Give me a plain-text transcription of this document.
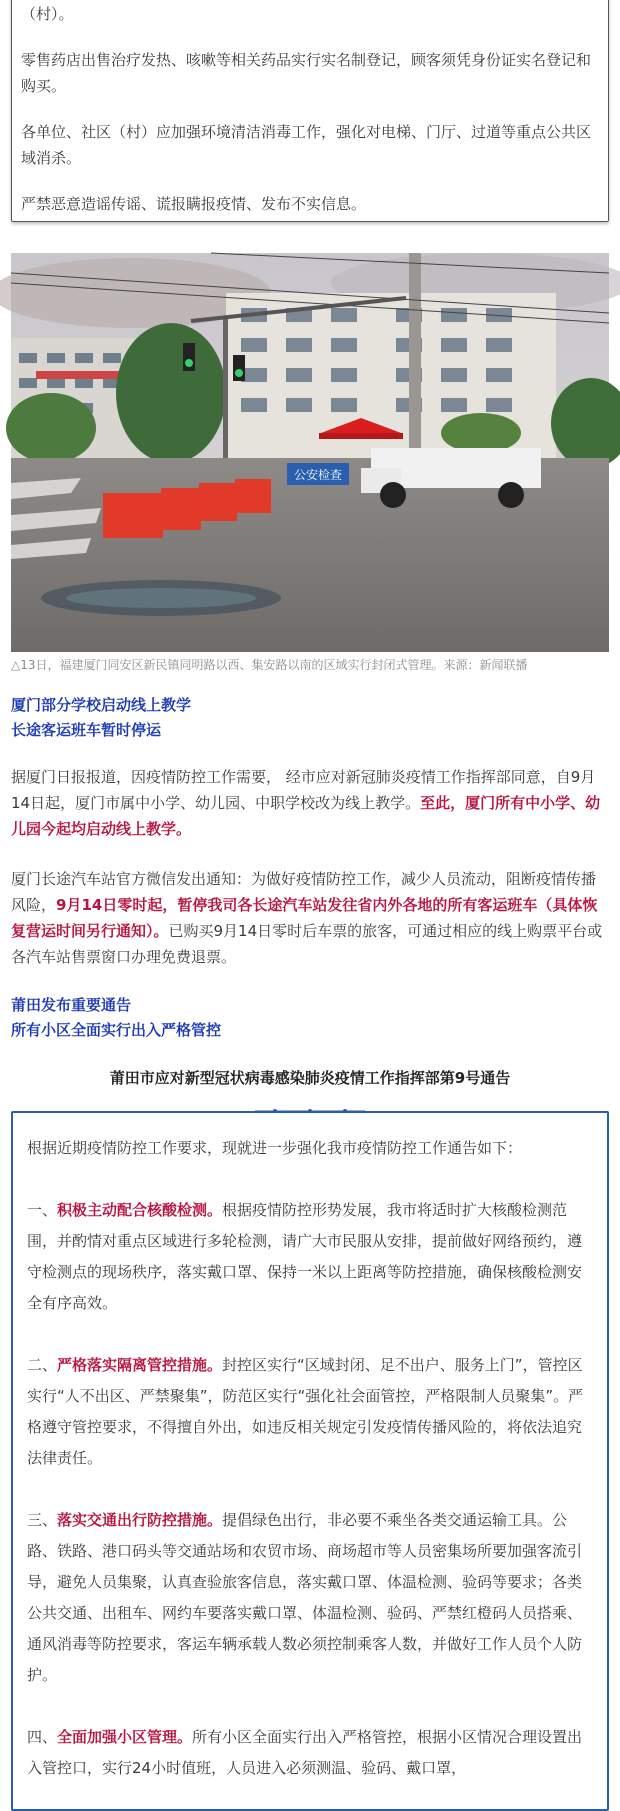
（村）。

零售药店出售治疗发热、咳嗽等相关药品实行实名制登记，顾客须凭身份证实名登记和购买。

各单位、社区（村）应加强环境清洁消毒工作，强化对电梯、门厅、过道等重点公共区域消杀。

严禁恶意造谣传谣、谎报瞒报疫情、发布不实信息。

公安检查
△13日，福建厦门同安区新民镇同明路以西、集安路以南的区域实行封闭式管理。来源：新闻联播
厦门部分学校启动线上教学
长途客运班车暂时停运

据厦门日报报道，因疫情防控工作需要， 经市应对新冠肺炎疫情工作指挥部同意，自9月14日起，厦门市属中小学、幼儿园、中职学校改为线上教学。至此，厦门所有中小学、幼儿园今起均启动线上教学。

厦门长途汽车站官方微信发出通知：为做好疫情防控工作，减少人员流动，阻断疫情传播风险，9月14日零时起，暂停我司各长途汽车站发往省内外各地的所有客运班车（具体恢复营运时间另行通知）。已购买9月14日零时后车票的旅客，可通过相应的线上购票平台或各汽车站售票窗口办理免费退票。

莆田发布重要通告
所有小区全面实行出入严格管控
莆田市应对新型冠状病毒感染肺炎疫情工作指挥部第9号通告

根据近期疫情防控工作要求，现就进一步强化我市疫情防控工作通告如下：

一、积极主动配合核酸检测。根据疫情防控形势发展，我市将适时扩大核酸检测范围，并酌情对重点区域进行多轮检测，请广大市民服从安排，提前做好网络预约，遵守检测点的现场秩序，落实戴口罩、保持一米以上距离等防控措施，确保核酸检测安全有序高效。

二、严格落实隔离管控措施。封控区实行“区域封闭、足不出户、服务上门”，管控区实行“人不出区、严禁聚集”，防范区实行“强化社会面管控，严格限制人员聚集”。严格遵守管控要求，不得擅自外出，如违反相关规定引发疫情传播风险的，将依法追究法律责任。

三、落实交通出行防控措施。提倡绿色出行，非必要不乘坐各类交通运输工具。公路、铁路、港口码头等交通站场和农贸市场、商场超市等人员密集场所要加强客流引导，避免人员集聚，认真查验旅客信息，落实戴口罩、体温检测、验码等要求；各类公共交通、出租车、网约车要落实戴口罩、体温检测、验码、严禁红橙码人员搭乘、通风消毒等防控要求，客运车辆承载人数必须控制乘客人数，并做好工作人员个人防护。

四、全面加强小区管理。所有小区全面实行出入严格管控，根据小区情况合理设置出入管控口，实行24小时值班，人员进入必须测温、验码、戴口罩，
